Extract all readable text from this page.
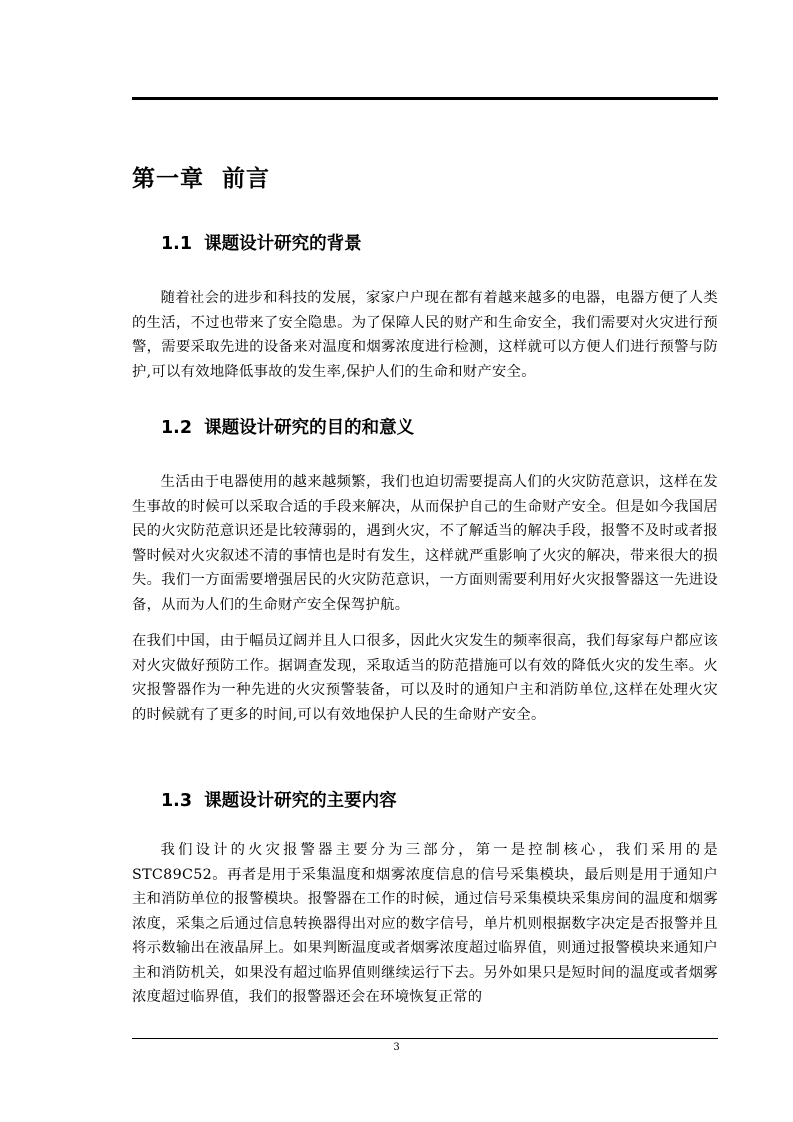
第一章  前言
1.1  课题设计研究的背景

随着社会的进步和科技的发展，家家户户现在都有着越来越多的电器，电器方便了人类的生活，不过也带来了安全隐患。为了保障人民的财产和生命安全，我们需要对火灾进行预警，需要采取先进的设备来对温度和烟雾浓度进行检测，这样就可以方便人们进行预警与防护,可以有效地降低事故的发生率,保护人们的生命和财产安全。

1.2  课题设计研究的目的和意义

生活由于电器使用的越来越频繁，我们也迫切需要提高人们的火灾防范意识，这样在发生事故的时候可以采取合适的手段来解决，从而保护自己的生命财产安全。但是如今我国居民的火灾防范意识还是比较薄弱的，遇到火灾，不了解适当的解决手段，报警不及时或者报警时候对火灾叙述不清的事情也是时有发生，这样就严重影响了火灾的解决，带来很大的损失。我们一方面需要增强居民的火灾防范意识，一方面则需要利用好火灾报警器这一先进设备，从而为人们的生命财产安全保驾护航。

在我们中国，由于幅员辽阔并且人口很多，因此火灾发生的频率很高，我们每家每户都应该对火灾做好预防工作。据调查发现，采取适当的防范措施可以有效的降低火灾的发生率。火灾报警器作为一种先进的火灾预警装备，可以及时的通知户主和消防单位,这样在处理火灾的时候就有了更多的时间,可以有效地保护人民的生命财产安全。

1.3  课题设计研究的主要内容

我们设计的火灾报警器主要分为三部分，第一是控制核心，我们采用的是STC89C52。再者是用于采集温度和烟雾浓度信息的信号采集模块，最后则是用于通知户主和消防单位的报警模块。报警器在工作的时候，通过信号采集模块采集房间的温度和烟雾浓度，采集之后通过信息转换器得出对应的数字信号，单片机则根据数字决定是否报警并且将示数输出在液晶屏上。如果判断温度或者烟雾浓度超过临界值，则通过报警模块来通知户主和消防机关，如果没有超过临界值则继续运行下去。另外如果只是短时间的温度或者烟雾浓度超过临界值，我们的报警器还会在环境恢复正常的

3
